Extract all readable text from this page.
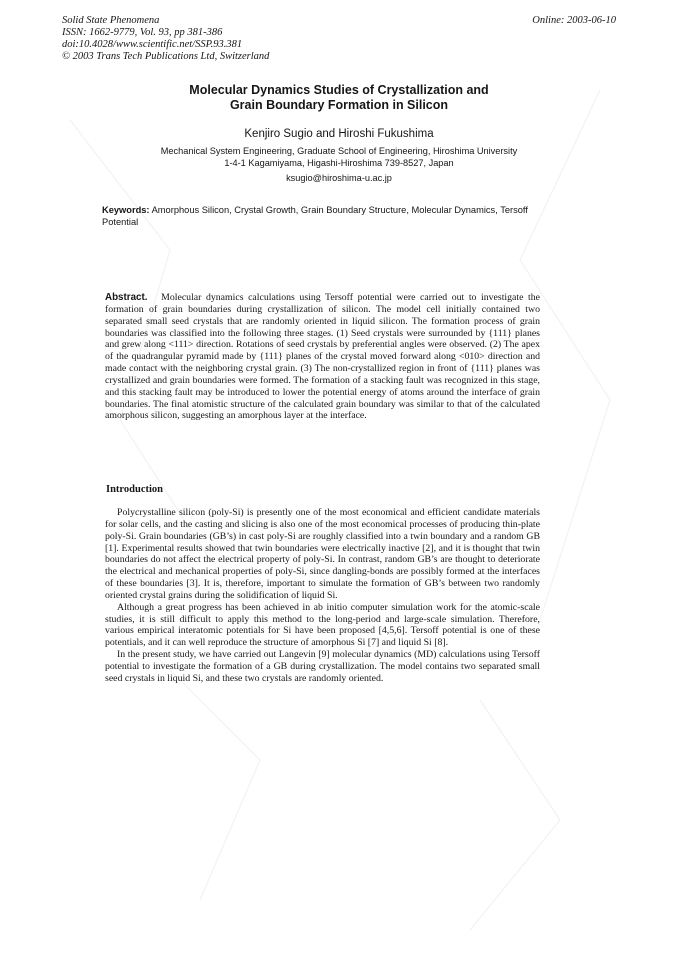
Solid State Phenomena
ISSN: 1662-9779, Vol. 93, pp 381-386
doi:10.4028/www.scientific.net/SSP.93.381
© 2003 Trans Tech Publications Ltd, Switzerland
Online: 2003-06-10
Molecular Dynamics Studies of Crystallization and
Grain Boundary Formation in Silicon
Kenjiro Sugio and Hiroshi Fukushima
Mechanical System Engineering, Graduate School of Engineering, Hiroshima University
1-4-1 Kagamiyama, Higashi-Hiroshima 739-8527, Japan
ksugio@hiroshima-u.ac.jp
Keywords: Amorphous Silicon, Crystal Growth, Grain Boundary Structure, Molecular Dynamics, Tersoff Potential
Abstract. Molecular dynamics calculations using Tersoff potential were carried out to investigate the formation of grain boundaries during crystallization of silicon. The model cell initially contained two separated small seed crystals that are randomly oriented in liquid silicon. The formation process of grain boundaries was classified into the following three stages. (1) Seed crystals were surrounded by {111} planes and grew along <111> direction. Rotations of seed crystals by preferential angles were observed. (2) The apex of the quadrangular pyramid made by {111} planes of the crystal moved forward along <010> direction and made contact with the neighboring crystal grain. (3) The non-crystallized region in front of {111} planes was crystallized and grain boundaries were formed. The formation of a stacking fault was recognized in this stage, and this stacking fault may be introduced to lower the potential energy of atoms around the interface of grain boundaries. The final atomistic structure of the calculated grain boundary was similar to that of the calculated amorphous silicon, suggesting an amorphous layer at the interface.
Introduction

Polycrystalline silicon (poly-Si) is presently one of the most economical and efficient candidate materials for solar cells, and the casting and slicing is also one of the most economical processes of producing thin-plate poly-Si. Grain boundaries (GB’s) in cast poly-Si are roughly classified into a twin boundary and a random GB [1]. Experimental results showed that twin boundaries were electrically inactive [2], and it is thought that twin boundaries do not affect the electrical property of poly-Si. In contrast, random GB’s are thought to deteriorate the electrical and mechanical properties of poly-Si, since dangling-bonds are possibly formed at the interfaces of these boundaries [3]. It is, therefore, important to simulate the formation of GB’s between two randomly oriented crystal grains during the solidification of liquid Si.

Although a great progress has been achieved in ab initio computer simulation work for the atomic-scale studies, it is still difficult to apply this method to the long-period and large-scale simulation. Therefore, various empirical interatomic potentials for Si have been proposed [4,5,6]. Tersoff potential is one of these potentials, and it can well reproduce the structure of amorphous Si [7] and liquid Si [8].

In the present study, we have carried out Langevin [9] molecular dynamics (MD) calculations using Tersoff potential to investigate the formation of a GB during crystallization. The model contains two separated small seed crystals in liquid Si, and these two crystals are randomly oriented.
